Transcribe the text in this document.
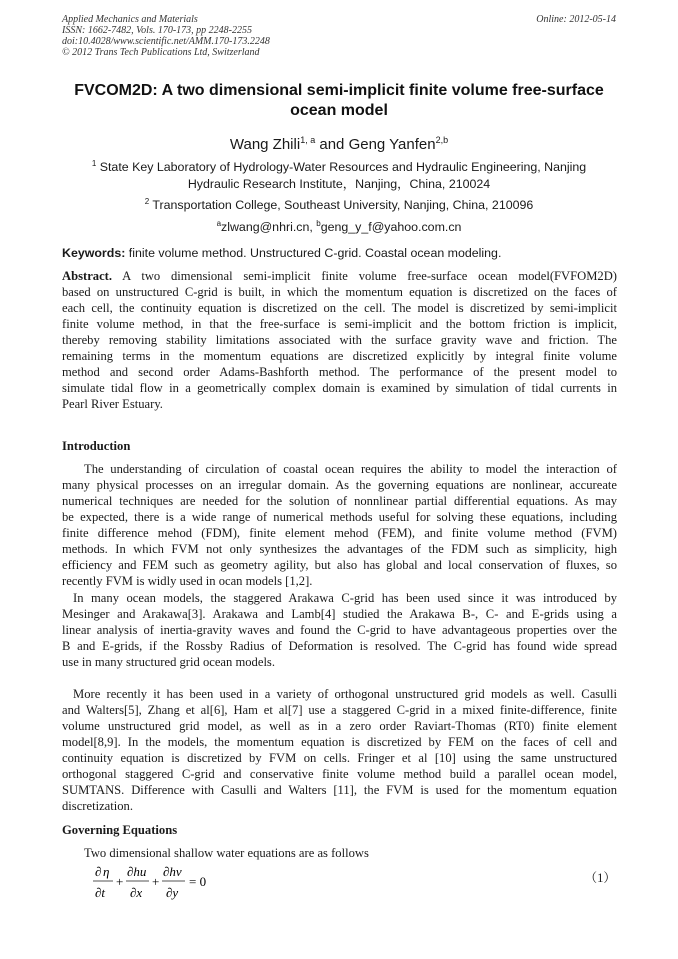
Applied Mechanics and Materials
ISSN: 1662-7482, Vols. 170-173, pp 2248-2255
doi:10.4028/www.scientific.net/AMM.170-173.2248
© 2012 Trans Tech Publications Ltd, Switzerland
Online: 2012-05-14
FVCOM2D: A two dimensional semi-implicit finite volume free-surface
ocean model
Wang Zhili$^{1, a}$ and Geng Yanfen$^{2,b}$
$^1$ State Key Laboratory of Hydrology-Water Resources and Hydraulic Engineering, Nanjing
Hydraulic Research Institute，Nanjing，China, 210024
$^2$ Transportation College, Southeast University, Nanjing, China, 210096
$^a$zlwang@nhri.cn, $^b$geng_y_f@yahoo.com.cn
Keywords: finite volume method. Unstructured C-grid. Coastal ocean modeling.
Abstract. A two dimensional semi-implicit finite volume free-surface ocean model(FVFOM2D)
based on unstructured C-grid is built, in which the momentum equation is discretized on the faces of
each cell, the continuity equation is discretized on the cell. The model is discretized by semi-implicit
finite volume method, in that the free-surface is semi-implicit and the bottom friction is implicit,
thereby removing stability limitations associated with the surface gravity wave and friction. The
remaining terms in the momentum equations are discretized explicitly by integral finite volume
method and second order Adams-Bashforth method. The performance of the present model to
simulate tidal flow in a geometrically complex domain is examined by simulation of tidal currents in
Pearl River Estuary.
Introduction
The understanding of circulation of coastal ocean requires the ability to model the interaction of
many physical processes on an irregular domain. As the governing equations are nonlinear, accureate
numerical techniques are needed for the solution of nonnlinear partial differential equations. As may
be expected, there is a wide range of numerical methods useful for solving these equations, including
finite difference mehod (FDM), finite element mehod (FEM), and finite volume method (FVM)
methods. In which FVM not only synthesizes the advantages of the FDM such as simplicity, high
efficiency and FEM such as geometry agility, but also has global and local conservation of fluxes, so
recently FVM is widly used in ocan models [1,2].
In many ocean models, the staggered Arakawa C-grid has been used since it was introduced by
Mesinger and Arakawa[3]. Arakawa and Lamb[4] studied the Arakawa B-, C- and E-grids using a
linear analysis of inertia-gravity waves and found the C-grid to have advantageous properties over the
B and E-grids, if the Rossby Radius of Deformation is resolved. The C-grid has found wide spread
use in many structured grid ocean models.
More recently it has been used in a variety of orthogonal unstructured grid models as well. Casulli
and Walters[5], Zhang et al[6], Ham et al[7] use a staggered C-grid in a mixed finite-difference, finite
volume unstructured grid model, as well as in a zero order Raviart-Thomas (RT0) finite element
model[8,9]. In the models, the momentum equation is discretized by FEM on the faces of cell and
continuity equation is discretized by FVM on cells. Fringer et al [10] using the same unstructured
orthogonal staggered C-grid and conservative finite volume method build a parallel ocean model,
SUMTANS. Difference with Casulli and Walters [11], the FVM is used for the momentum equation
discretization.
Governing Equations
Two dimensional shallow water equations are as follows
∂ η
∂t
+
∂hu
∂x
+
∂hv
∂y
= 0	（1）
